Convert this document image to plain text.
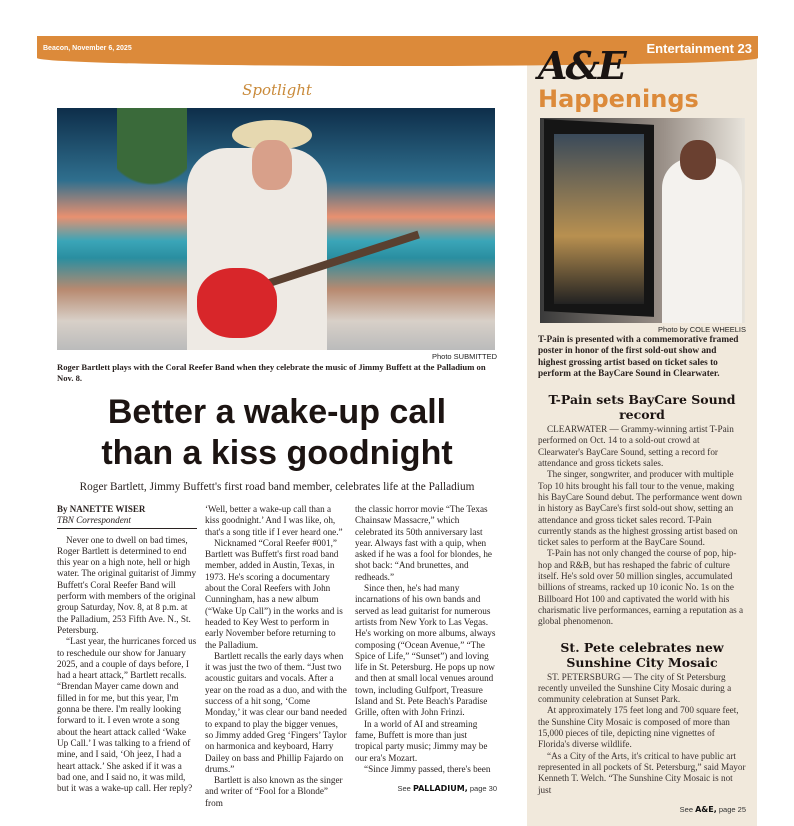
Beacon, November 6, 2025	Entertainment 23
Spotlight
Photo SUBMITTED
Roger Bartlett plays with the Coral Reefer Band when they celebrate the music of Jimmy Buffett at the Palladium on Nov. 8.
Better a wake-up call
than a kiss goodnight
Roger Bartlett, Jimmy Buffett's first road band member, celebrates life at the Palladium
By NANETTE WISER
TBN Correspondent

Never one to dwell on bad times, Roger Bartlett is determined to end this year on a high note, hell or high water. The original guitarist of Jimmy Buffett's Coral Reefer Band will perform with members of the original group Saturday, Nov. 8, at 8 p.m. at the Palladium, 253 Fifth Ave. N., St. Petersburg.

“Last year, the hurricanes forced us to reschedule our show for January 2025, and a couple of days before, I had a heart attack,” Bartlett recalls. “Brendan Mayer came down and filled in for me, but this year, I'm gonna be there. I'm really looking forward to it. I even wrote a song about the heart attack called ‘Wake Up Call.’ I was talking to a friend of mine, and I said, ‘Oh jeez, I had a heart attack.’ She asked if it was a bad one, and I said no, it was mild, but it was a wake-up call. Her reply?

‘Well, better a wake-up call than a kiss goodnight.’ And I was like, oh, that's a song title if I ever heard one.”

Nicknamed “Coral Reefer #001,” Bartlett was Buffett's first road band member, added in Austin, Texas, in 1973. He's scoring a documentary about the Coral Reefers with John Cunningham, has a new album (“Wake Up Call”) in the works and is headed to Key West to perform in early November before returning to the Palladium.

Bartlett recalls the early days when it was just the two of them. “Just two acoustic guitars and vocals. After a year on the road as a duo, and with the success of a hit song, ‘Come Monday,’ it was clear our band needed to expand to play the bigger venues, so Jimmy added Greg ‘Fingers’ Taylor on harmonica and keyboard, Harry Dailey on bass and Phillip Fajardo on drums.”

Bartlett is also known as the singer and writer of “Fool for a Blonde” from

the classic horror movie “The Texas Chainsaw Massacre,” which celebrated its 50th anniversary last year. Always fast with a quip, when asked if he was a fool for blondes, he shot back: “And brunettes, and redheads.”

Since then, he's had many incarnations of his own bands and served as lead guitarist for numerous artists from New York to Las Vegas. He's working on more albums, always composing (“Ocean Avenue,” “The Spice of Life,” “Sunset”) and loving life in St. Petersburg. He pops up now and then at small local venues around town, including Gulfport, Treasure Island and St. Pete Beach's Paradise Grille, often with John Frinzi.

In a world of AI and streaming fame, Buffett is more than just tropical party music; Jimmy may be our era's Mozart.

“Since Jimmy passed, there's been

See PALLADIUM, page 30
Happenings
Photo by COLE WHEELIS
T-Pain is presented with a commemorative framed poster in honor of the first sold-out show and highest grossing artist based on ticket sales to perform at the BayCare Sound in Clearwater.
T-Pain sets BayCare Sound record

CLEARWATER — Grammy-winning artist T-Pain performed on Oct. 14 to a sold-out crowd at Clearwater's BayCare Sound, setting a record for attendance and gross tickets sales.

The singer, songwriter, and producer with multiple Top 10 hits brought his fall tour to the venue, making his BayCare Sound debut. The performance went down in history as BayCare's first sold-out show, setting an attendance and gross ticket sales record. T-Pain currently stands as the highest grossing artist based on ticket sales to perform at the BayCare Sound.

T-Pain has not only changed the course of pop, hip-hop and R&B, but has reshaped the fabric of culture itself. He's sold over 50 million singles, accumulated billions of streams, racked up 10 iconic No. 1s on the Billboard Hot 100 and captivated the world with his charismatic live performances, earning a reputation as a global phenomenon.

St. Pete celebrates new
Sunshine City Mosaic

ST. PETERSBURG — The city of St Petersburg recently unveiled the Sunshine City Mosaic during a community celebration at Sunset Park.

At approximately 175 feet long and 700 square feet, the Sunshine City Mosaic is composed of more than 15,000 pieces of tile, depicting nine vignettes of Florida's diverse wildlife.

“As a City of the Arts, it's critical to have public art represented in all pockets of St. Petersburg,” said Mayor Kenneth T. Welch. “The Sunshine City Mosaic is not just

See A&E, page 25
A&E
